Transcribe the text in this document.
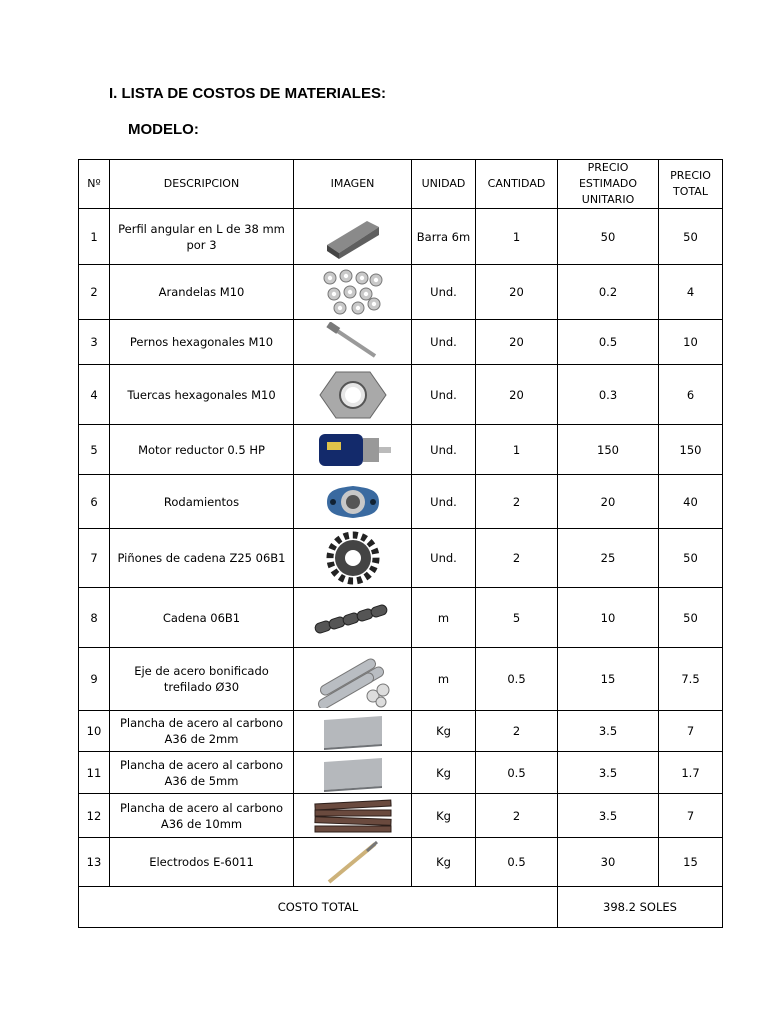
I. LISTA DE COSTOS DE MATERIALES:
MODELO:
Nº	DESCRIPCION	IMAGEN	UNIDAD	CANTIDAD	PRECIO ESTIMADO UNITARIO	PRECIO TOTAL
1	Perfil angular en L de 38 mm por 3		Barra 6m	1	50	50
2	Arandelas M10		Und.	20	0.2	4
3	Pernos hexagonales M10		Und.	20	0.5	10
4	Tuercas hexagonales M10		Und.	20	0.3	6
5	Motor reductor 0.5 HP		Und.	1	150	150
6	Rodamientos		Und.	2	20	40
7	Piñones de cadena Z25 06B1		Und.	2	25	50
8	Cadena 06B1		m	5	10	50
9	Eje de acero bonificado trefilado Ø30		m	0.5	15	7.5
10	Plancha de acero al carbono A36 de 2mm		Kg	2	3.5	7
11	Plancha de acero al carbono A36 de 5mm		Kg	0.5	3.5	1.7
12	Plancha de acero al carbono A36 de 10mm		Kg	2	3.5	7
13	Electrodos E-6011		Kg	0.5	30	15
COSTO TOTAL					398.2 SOLES	
